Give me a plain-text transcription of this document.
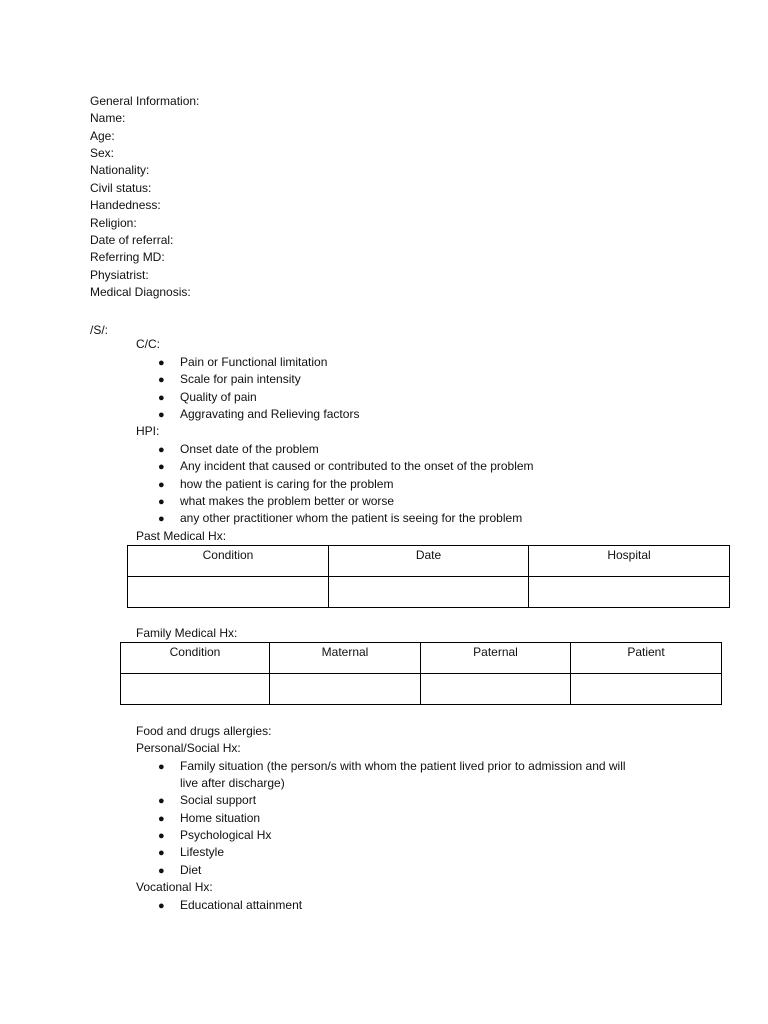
General Information:
Name:
Age:
Sex:
Nationality:
Civil status:
Handedness:
Religion:
Date of referral:
Referring MD:
Physiatrist:
Medical Diagnosis:
/S/:
C/C:
● Pain or Functional limitation
● Scale for pain intensity
● Quality of pain
● Aggravating and Relieving factors
HPI:
● Onset date of the problem
● Any incident that caused or contributed to the onset of the problem
● how the patient is caring for the problem
● what makes the problem better or worse
● any other practitioner whom the patient is seeing for the problem
Past Medical Hx:
Condition	Date	Hospital

Family Medical Hx:
Condition	Maternal	Paternal	Patient

Food and drugs allergies:
Personal/Social Hx:
● Family situation (the person/s with whom the patient lived prior to admission and will
live after discharge)
● Social support
● Home situation
● Psychological Hx
● Lifestyle
● Diet
Vocational Hx:
● Educational attainment
